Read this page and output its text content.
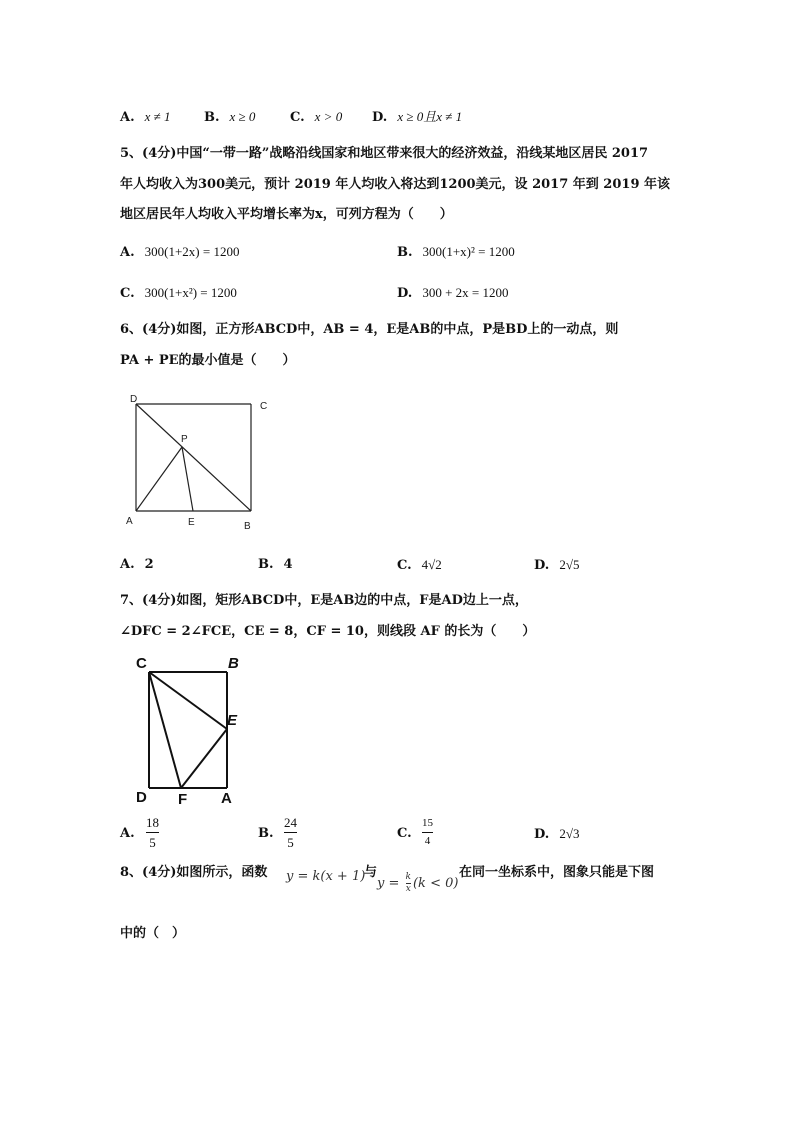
A. x ≠ 1	B. x ≥ 0	C. x > 0 D. x ≥ 0且x ≠ 1
5、(4分)中国“一带一路”战略沿线国家和地区带来很大的经济效益，沿线某地区居民 2017
年人均收入为300美元，预计 2019 年人均收入将达到1200美元，设 2017 年到 2019 年该
地区居民年人均收入平均增长率为x，可列方程为（　　）
A. 300(1+2x) = 1200	B. 300(1+x)² = 1200
C. 300(1+x²) = 1200	D. 300 + 2x = 1200
6、(4分)如图，正方形ABCD中，AB = 4，E是AB的中点，P是BD上的一动点，则
PA + PE的最小值是（　　）
D
C
P
A	E	B
A. 2	B. 4	C. 4√2	D. 2√5
7、(4分)如图，矩形ABCD中，E是AB边的中点，F是AD边上一点，
∠DFC = 2∠FCE，CE = 8，CF = 10，则线段 AF 的长为（　　）
C	B
E
D F A
A.
18
5
B.
24
5
C.
15
4	D. 2√3
8、(4分)如图所示，函数 y = k(x + 1)
与
$y = \frac{k}{x} (k < 0)$
在同一坐标系中，图象只能是下图
中的（　）
